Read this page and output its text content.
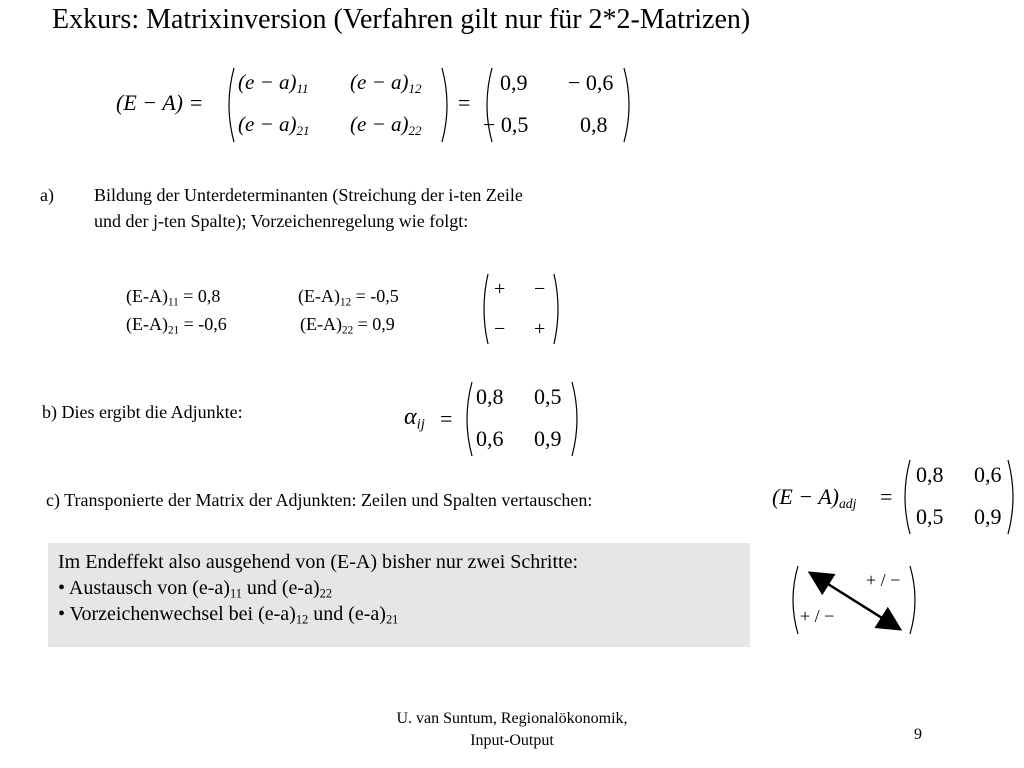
Exkurs: Matrixinversion (Verfahren gilt nur für 2*2-Matrizen)
(E − A) =
$(e - a)_{11}$ $(e - a)_{12}$
$(e - a)_{21}$ $(e - a)_{22}$
=
0,9 − 0,6
− 0,5 0,8
a) Bildung der Unterdeterminanten (Streichung der i-ten Zeile
und der j-ten Spalte); Vorzeichenregelung wie folgt:
$(E-A)_{11} = 0,8$	$(E-A)_{12} = -0,5$
$(E-A)_{21} = -0,6$	$(E-A)_{22} = 0,9$
+ −
− +
b) Dies ergibt die Adjunkte:	$\alpha_{ij}$ =
0,8 0,5
0,6 0,9
c) Transponierte der Matrix der Adjunkten: Zeilen und Spalten vertauschen:	$(E - A)_{adj}$ =
0,8 0,6
0,5 0,9
Im Endeffekt also ausgehend von (E-A) bisher nur zwei Schritte:
• Austausch von $(e-a)_{11}$ und $(e-a)_{22}$
• Vorzeichenwechsel bei $(e-a)_{12}$ und $(e-a)_{21}$
+ / −
+ / −
U. van Suntum, Regionalökonomik,
Input-Output	9
